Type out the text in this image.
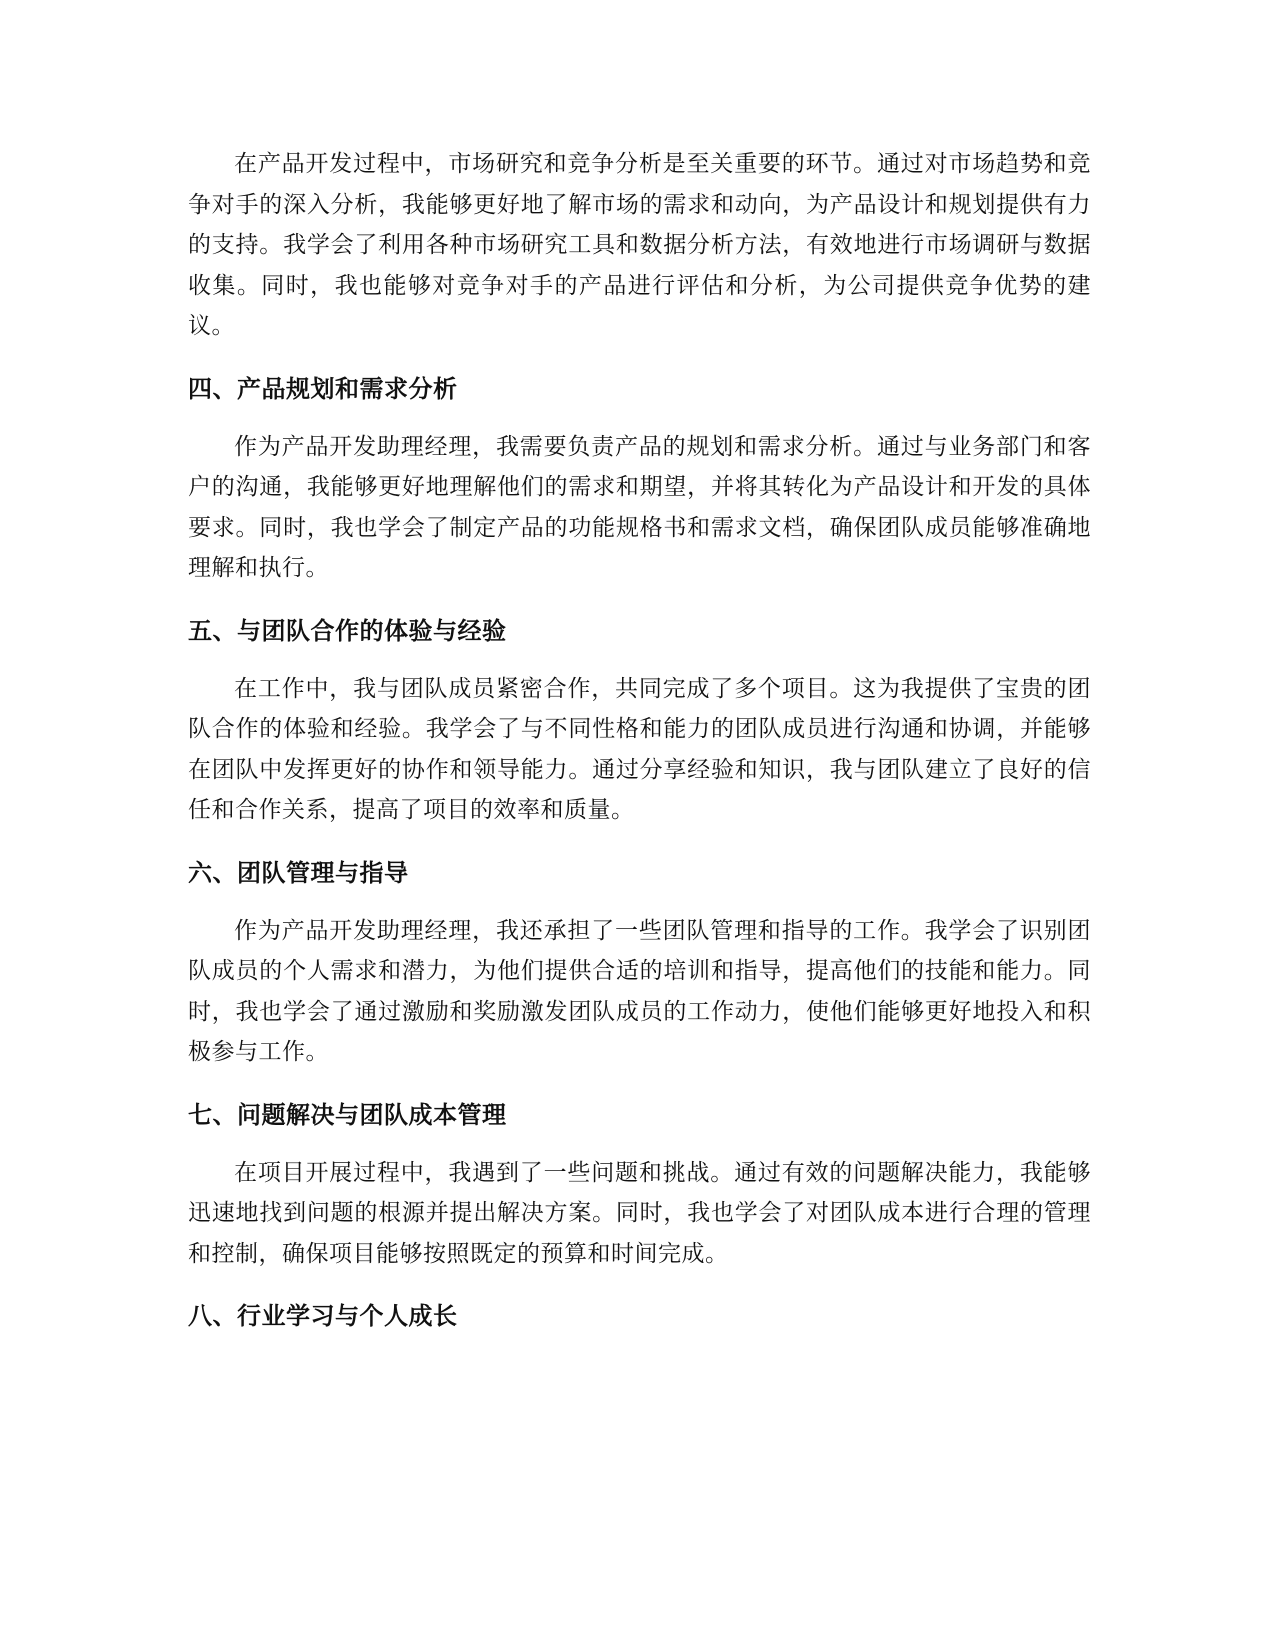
在产品开发过程中，市场研究和竞争分析是至关重要的环节。通过对市场趋势和竞争对手的深入分析，我能够更好地了解市场的需求和动向，为产品设计和规划提供有力的支持。我学会了利用各种市场研究工具和数据分析方法，有效地进行市场调研与数据收集。同时，我也能够对竞争对手的产品进行评估和分析，为公司提供竞争优势的建议。

四、产品规划和需求分析

作为产品开发助理经理，我需要负责产品的规划和需求分析。通过与业务部门和客户的沟通，我能够更好地理解他们的需求和期望，并将其转化为产品设计和开发的具体要求。同时，我也学会了制定产品的功能规格书和需求文档，确保团队成员能够准确地理解和执行。

五、与团队合作的体验与经验

在工作中，我与团队成员紧密合作，共同完成了多个项目。这为我提供了宝贵的团队合作的体验和经验。我学会了与不同性格和能力的团队成员进行沟通和协调，并能够在团队中发挥更好的协作和领导能力。通过分享经验和知识，我与团队建立了良好的信任和合作关系，提高了项目的效率和质量。

六、团队管理与指导

作为产品开发助理经理，我还承担了一些团队管理和指导的工作。我学会了识别团队成员的个人需求和潜力，为他们提供合适的培训和指导，提高他们的技能和能力。同时，我也学会了通过激励和奖励激发团队成员的工作动力，使他们能够更好地投入和积极参与工作。

七、问题解决与团队成本管理

在项目开展过程中，我遇到了一些问题和挑战。通过有效的问题解决能力，我能够迅速地找到问题的根源并提出解决方案。同时，我也学会了对团队成本进行合理的管理和控制，确保项目能够按照既定的预算和时间完成。

八、行业学习与个人成长
